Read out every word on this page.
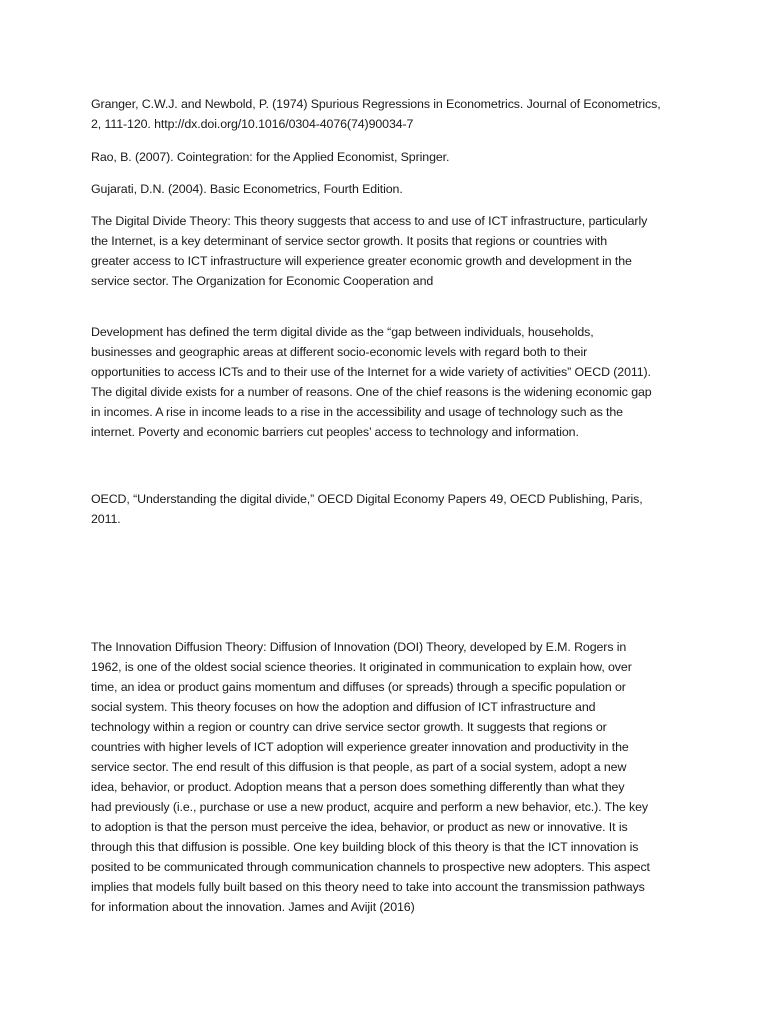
Granger, C.W.J. and Newbold, P. (1974) Spurious Regressions in Econometrics. Journal of Econometrics,
2, 111-120. http://dx.doi.org/10.1016/0304-4076(74)90034-7

Rao, B. (2007). Cointegration: for the Applied Economist, Springer.

Gujarati, D.N. (2004). Basic Econometrics, Fourth Edition.

The Digital Divide Theory: This theory suggests that access to and use of ICT infrastructure, particularly
the Internet, is a key determinant of service sector growth. It posits that regions or countries with
greater access to ICT infrastructure will experience greater economic growth and development in the
service sector. The Organization for Economic Cooperation and

Development has defined the term digital divide as the “gap between individuals, households,
businesses and geographic areas at different socio-economic levels with regard both to their
opportunities to access ICTs and to their use of the Internet for a wide variety of activities” OECD (2011).
The digital divide exists for a number of reasons. One of the chief reasons is the widening economic gap
in incomes. A rise in income leads to a rise in the accessibility and usage of technology such as the
internet. Poverty and economic barriers cut peoples’ access to technology and information.

OECD, “Understanding the digital divide,” OECD Digital Economy Papers 49, OECD Publishing, Paris,
2011.

The Innovation Diffusion Theory: Diffusion of Innovation (DOI) Theory, developed by E.M. Rogers in
1962, is one of the oldest social science theories. It originated in communication to explain how, over
time, an idea or product gains momentum and diffuses (or spreads) through a specific population or
social system. This theory focuses on how the adoption and diffusion of ICT infrastructure and
technology within a region or country can drive service sector growth. It suggests that regions or
countries with higher levels of ICT adoption will experience greater innovation and productivity in the
service sector. The end result of this diffusion is that people, as part of a social system, adopt a new
idea, behavior, or product. Adoption means that a person does something differently than what they
had previously (i.e., purchase or use a new product, acquire and perform a new behavior, etc.). The key
to adoption is that the person must perceive the idea, behavior, or product as new or innovative. It is
through this that diffusion is possible. One key building block of this theory is that the ICT innovation is
posited to be communicated through communication channels to prospective new adopters. This aspect
implies that models fully built based on this theory need to take into account the transmission pathways
for information about the innovation. James and Avijit (2016)
